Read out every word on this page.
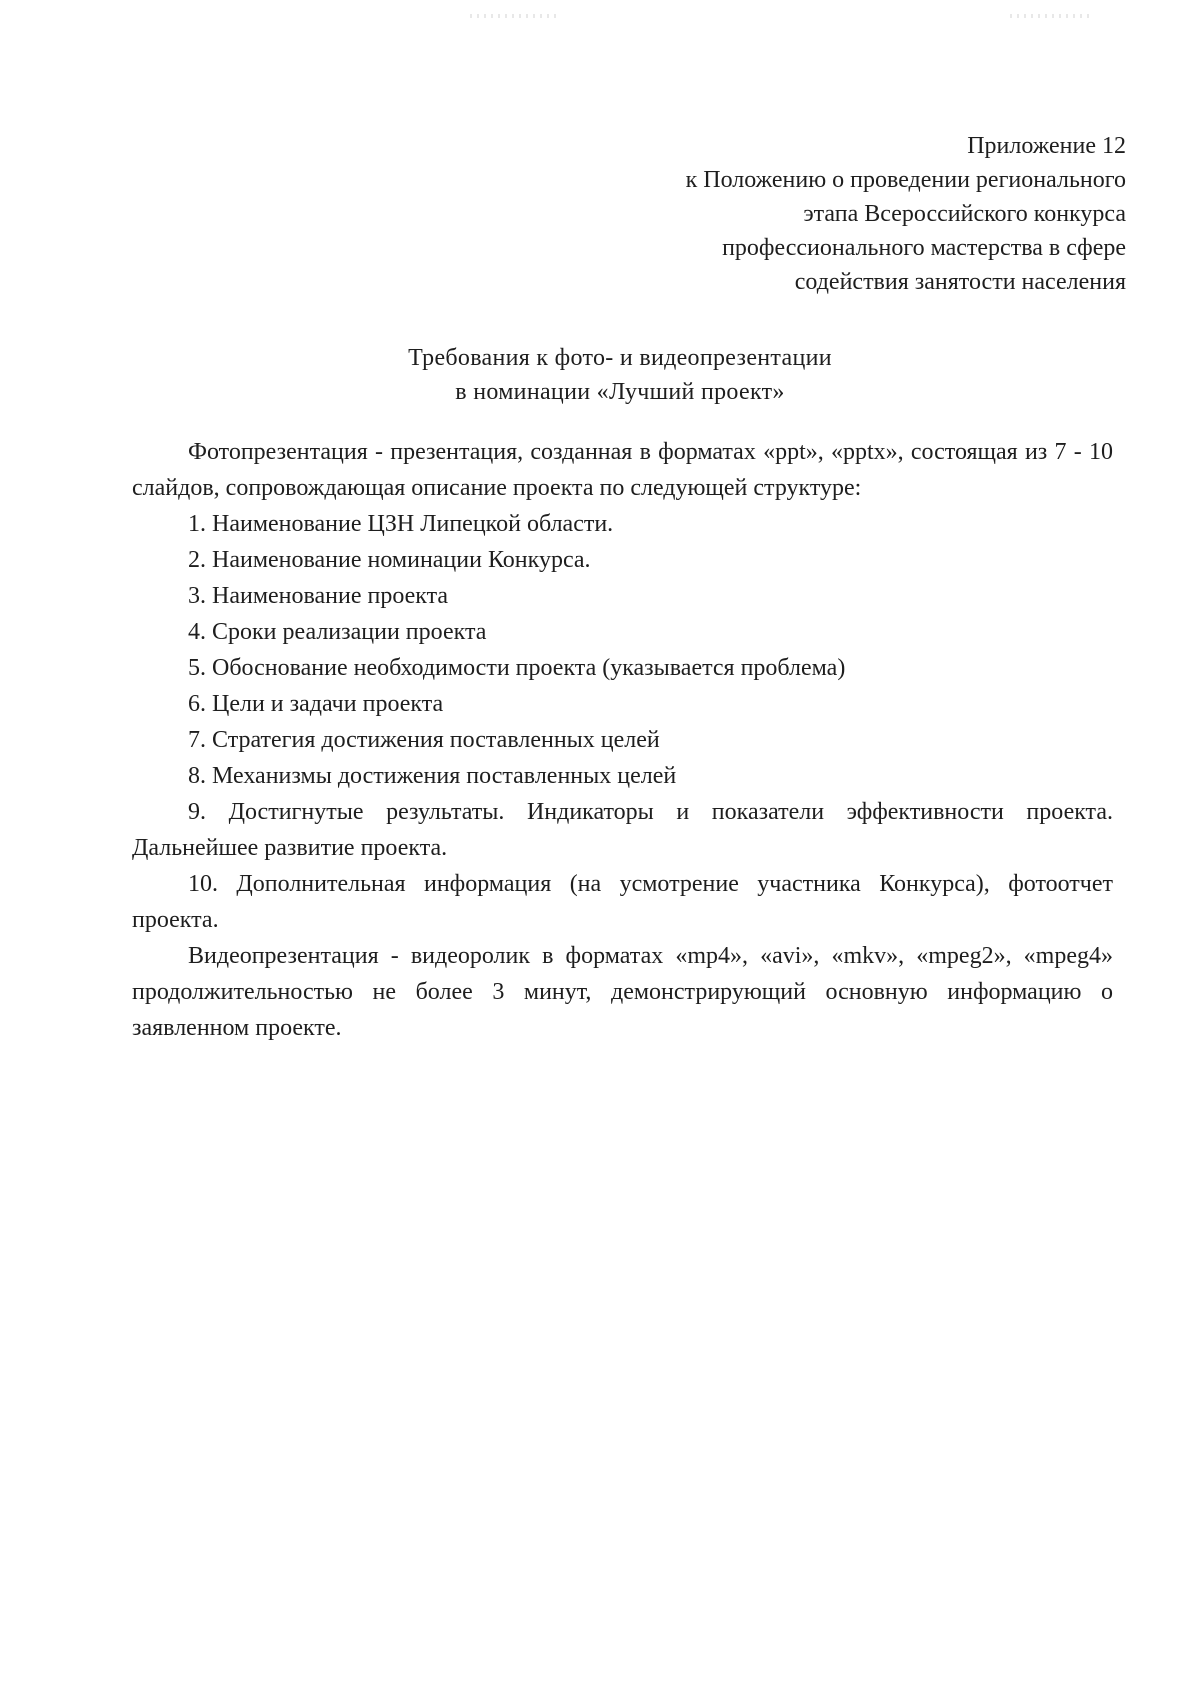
Приложение 12
к Положению о проведении регионального
этапа Всероссийского конкурса
профессионального мастерства в сфере
содействия занятости населения
Требования к фото- и видеопрезентации
в номинации «Лучший проект»

Фотопрезентация - презентация, созданная в форматах «ppt», «pptx», состоящая из 7 - 10 слайдов, сопровождающая описание проекта по следующей структуре:

1. Наименование ЦЗН Липецкой области.

2. Наименование номинации Конкурса.

3. Наименование проекта

4. Сроки реализации проекта

5. Обоснование необходимости проекта (указывается проблема)

6. Цели и задачи проекта

7. Стратегия достижения поставленных целей

8. Механизмы достижения поставленных целей

9. Достигнутые результаты. Индикаторы и показатели эффективности проекта. Дальнейшее развитие проекта.

10. Дополнительная информация (на усмотрение участника Конкурса), фотоотчет проекта.

Видеопрезентация - видеоролик в форматах «mp4», «avi», «mkv», «mpeg2», «mpeg4» продолжительностью не более 3 минут, демонстрирующий основную информацию о заявленном проекте.
